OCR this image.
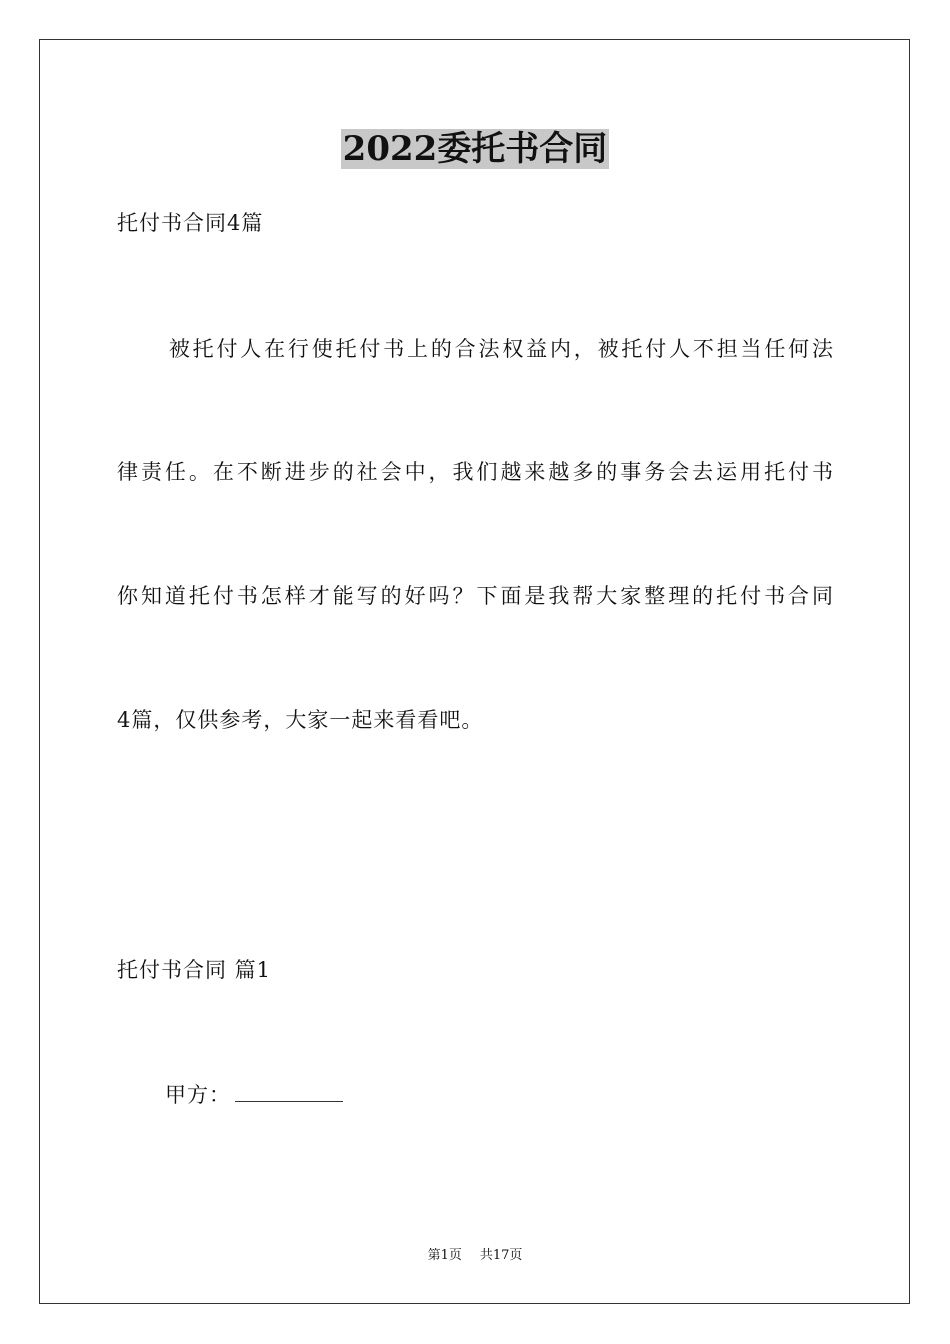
2022委托书合同
托付书合同4篇
　被托付人在行使托付书上的合法权益内，被托付人不担当任何法
律责任。在不断进步的社会中，我们越来越多的事务会去运用托付书
你知道托付书怎样才能写的好吗？下面是我帮大家整理的托付书合同
4篇，仅供参考，大家一起来看看吧。
托付书合同 篇1
甲方：
第1页 共17页
